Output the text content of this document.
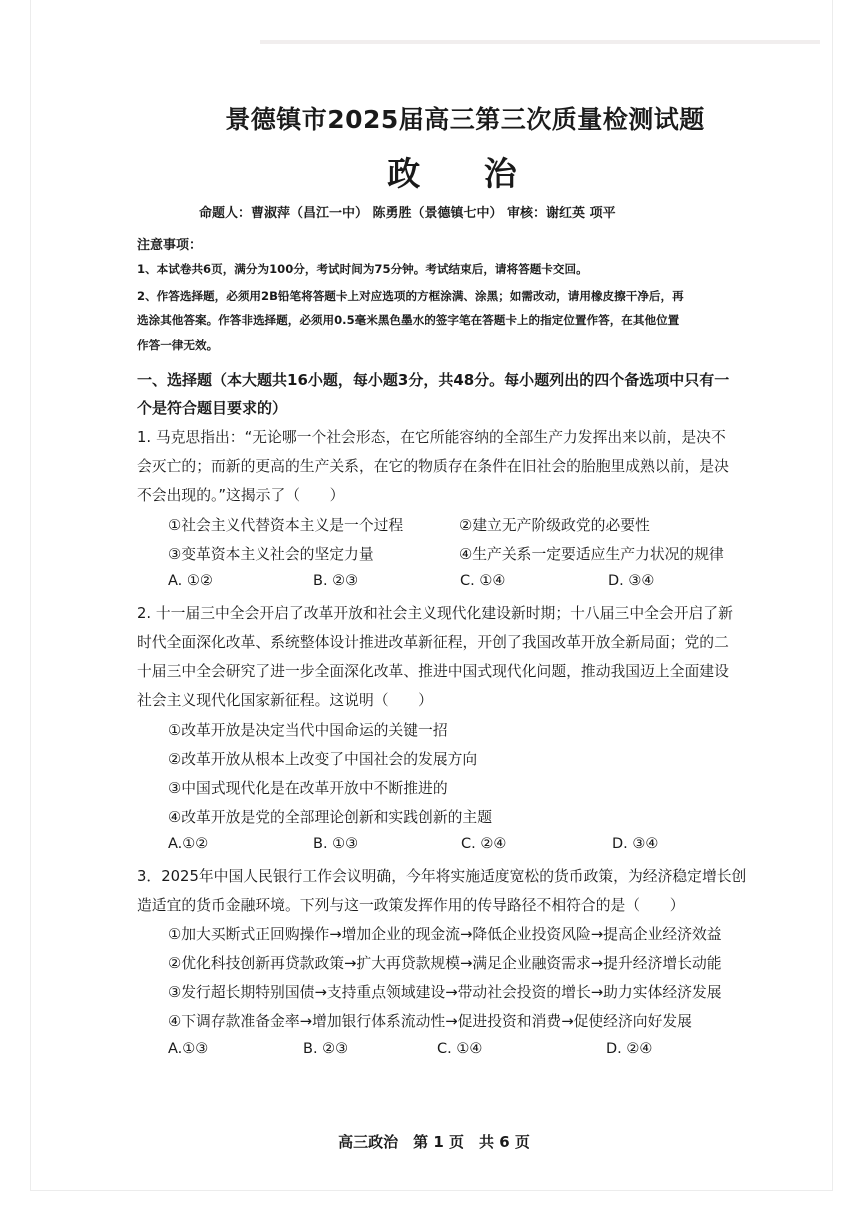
景德镇市2025届高三第三次质量检测试题
政 治
命题人：曹淑萍（昌江一中） 陈勇胜（景德镇七中） 审核：谢红英 项平
注意事项：
1、本试卷共6页，满分为100分，考试时间为75分钟。考试结束后，请将答题卡交回。
2、作答选择题，必须用2B铅笔将答题卡上对应选项的方框涂满、涂黑；如需改动，请用橡皮擦干净后，再
选涂其他答案。作答非选择题，必须用0.5毫米黑色墨水的签字笔在答题卡上的指定位置作答，在其他位置
作答一律无效。
一、选择题（本大题共16小题，每小题3分，共48分。每小题列出的四个备选项中只有一
个是符合题目要求的）
1. 马克思指出：“无论哪一个社会形态，在它所能容纳的全部生产力发挥出来以前，是决不
会灭亡的；而新的更高的生产关系，在它的物质存在条件在旧社会的胎胞里成熟以前，是决
不会出现的。”这揭示了（　　）
①社会主义代替资本主义是一个过程	②建立无产阶级政党的必要性
③变革资本主义社会的坚定力量	④生产关系一定要适应生产力状况的规律
A. ①②	B. ②③	C. ①④	D. ③④
2. 十一届三中全会开启了改革开放和社会主义现代化建设新时期；十八届三中全会开启了新
时代全面深化改革、系统整体设计推进改革新征程，开创了我国改革开放全新局面；党的二
十届三中全会研究了进一步全面深化改革、推进中国式现代化问题，推动我国迈上全面建设
社会主义现代化国家新征程。这说明（　　）
①改革开放是决定当代中国命运的关键一招
②改革开放从根本上改变了中国社会的发展方向
③中国式现代化是在改革开放中不断推进的
④改革开放是党的全部理论创新和实践创新的主题
A.①②	B. ①③	C. ②④	D. ③④
3．2025年中国人民银行工作会议明确，今年将实施适度宽松的货币政策，为经济稳定增长创
造适宜的货币金融环境。下列与这一政策发挥作用的传导路径不相符合的是（　　）
①加大买断式正回购操作→增加企业的现金流→降低企业投资风险→提高企业经济效益
②优化科技创新再贷款政策→扩大再贷款规模→满足企业融资需求→提升经济增长动能
③发行超长期特别国债→支持重点领域建设→带动社会投资的增长→助力实体经济发展
④下调存款准备金率→增加银行体系流动性→促进投资和消费→促使经济向好发展
A.①③	B. ②③	C. ①④	D. ②④
高三政治　第 1 页　共 6 页
